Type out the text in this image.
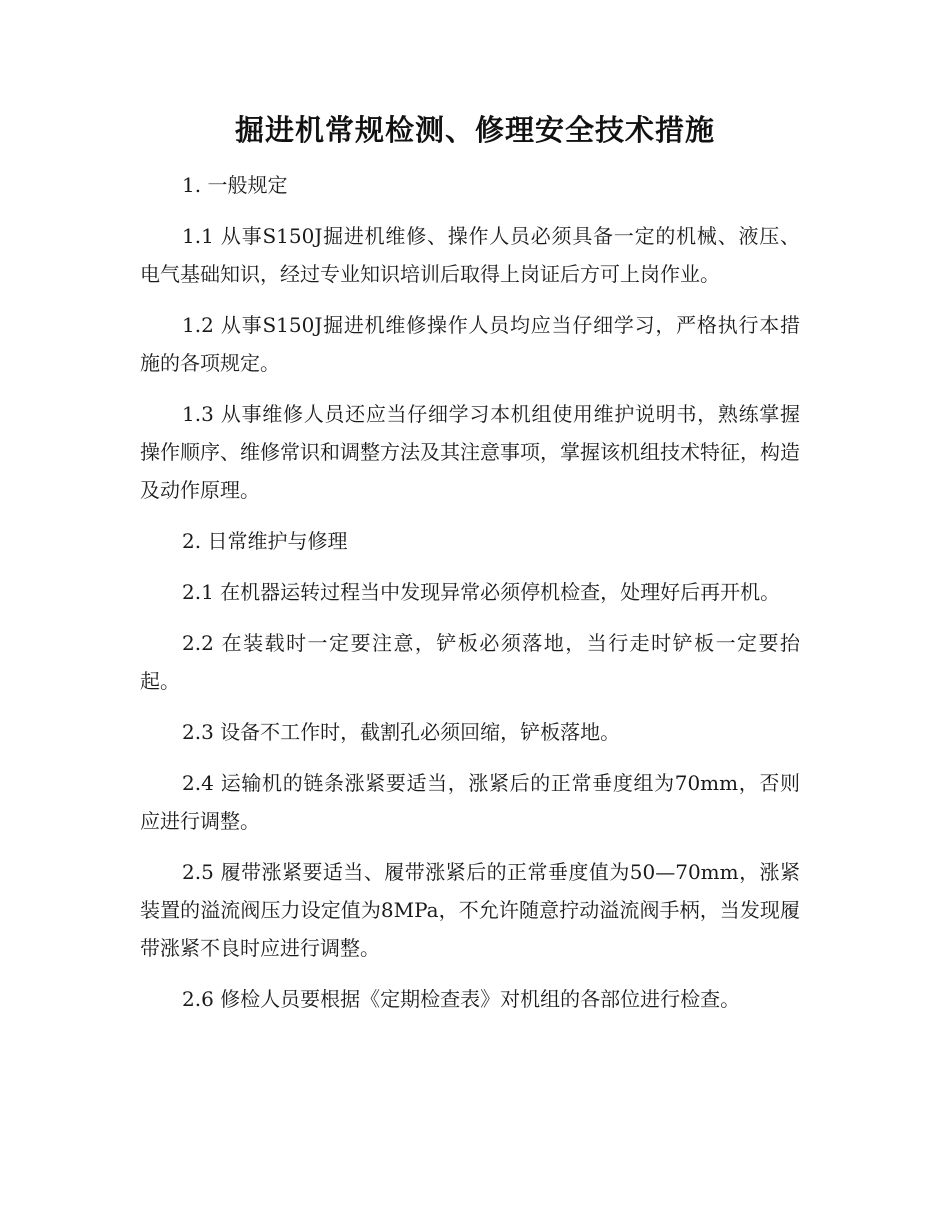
掘进机常规检测、修理安全技术措施

1. 一般规定

1.1 从事S150J掘进机维修、操作人员必须具备一定的机械、液压、电气基础知识，经过专业知识培训后取得上岗证后方可上岗作业。

1.2 从事S150J掘进机维修操作人员均应当仔细学习，严格执行本措施的各项规定。

1.3 从事维修人员还应当仔细学习本机组使用维护说明书，熟练掌握操作顺序、维修常识和调整方法及其注意事项，掌握该机组技术特征，构造及动作原理。

2. 日常维护与修理

2.1 在机器运转过程当中发现异常必须停机检查，处理好后再开机。

2.2 在装载时一定要注意，铲板必须落地，当行走时铲板一定要抬起。

2.3 设备不工作时，截割孔必须回缩，铲板落地。

2.4 运输机的链条涨紧要适当，涨紧后的正常垂度组为70mm，否则应进行调整。

2.5 履带涨紧要适当、履带涨紧后的正常垂度值为50—70mm，涨紧装置的溢流阀压力设定值为8MPa，不允许随意拧动溢流阀手柄，当发现履带涨紧不良时应进行调整。

2.6 修检人员要根据《定期检查表》对机组的各部位进行检查。
